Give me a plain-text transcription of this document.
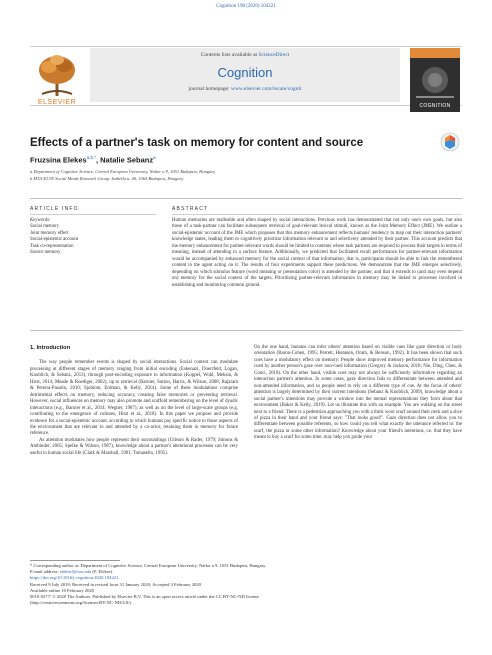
Cognition 198 (2020) 104221
ELSEVIER
Contents lists available at ScienceDirect
Cognition
journal homepage: www.elsevier.com/locate/cognit
COGNITION
Effects of a partner's task on memory for content and source
Fruzsina Elekes$^{a,b,*}$, Natalie Sebanz$^a$
a Department of Cognitive Science, Central European University, Nádor u 9, 1051 Budapest, Hungary
b MTA-ELTE Social Minds Research Group, Izabella u. 46, 1064 Budapest, Hungary
ARTICLE INFO	ABSTRACT
Keywords:
Social memory
Joint memory effect
Social-epistemic account
Task co-representation
Source memory
Human memories are malleable and often shaped by social interactions. Previous work has demonstrated that not only one's own goals, but also those of a task-partner can facilitate subsequent retrieval of goal-relevant lexical stimuli, known as the Joint Memory Effect (JME). We outline a social-epistemic account of the JME which proposes that this memory enhancement reflects humans' tendency to map out their interaction partners' knowledge states, leading them to cognitively prioritize information relevant to and selectively attended by their partner. This account predicts that the memory enhancement for partner-relevant words should be limited to contents where task partners are required to process their targets in terms of meaning, instead of attending to a surface feature. Additionally, we predicted that facilitated recall performance for partner-relevant information would be accompanied by enhanced memory for the social context of that information, that is, participants should be able to link the remembered content to the agent acting on it. The results of four experiments support these predictions. We demonstrate that the JME emerges selectively, depending on which stimulus feature (word meaning or presentation color) is attended by the partner, and that it extends to (and may even depend on) memory for the social context of the targets. Prioritizing partner-relevant information in memory may be linked to processes involved in establishing and monitoring common ground.
1. Introduction

The way people remember events is shaped by social interactions. Social context can modulate processing at different stages of memory ranging from initial encoding (Eskenazi, Doerrfeld, Logan, Knoblich, & Sebanz, 2013), through post-encoding exposure to information (Koppel, Wohl, Meksin, & Hirst, 2014; Meade & Roediger, 2002), up to retrieval (Barnier, Sutton, Harris, & Wilson, 2008; Rajaram & Pereira-Pasarin, 2010; Sjoblom, Erdman, & Kelly, 2014). Some of these modulations comprise detrimental effects on memory, reducing accuracy, creating false memories or preventing retrieval. However, social influences on memory may also promote and scaffold remembering on the level of dyadic interactions (e.g., Barnier et al., 2014; Wegner, 1987), as well as on the level of large-scale groups (e.g. contributing to the emergence of cultures, Hirst et al., 2018). In this paper we propose and provide evidence for a social-epistemic account, according to which humans pay specific notice to those aspects of the environment that are relevant to and attended by a co-actor, retaining them in memory for future reference.

As attention modulates how people represent their surroundings (Gibson & Rader, 1979; Simons & Ambinder, 2005; Spelke & Wilson, 1987), knowledge about a partner's attentional processes can be very useful in human social life (Clark & Marshall, 1981; Tomasello, 1995).

On the one hand, humans can infer others' attention based on visible cues like gaze direction or body orientation (Baron-Cohen, 1995; Perrett, Hietanen, Oram, & Benson, 1992). It has been shown that such cues have a modulatory effect on memory: People show improved memory performance for information cued by another person's gaze over non-cued information (Gregory & Jackson, 2018; Nie, Ding, Chen, & Conci, 2018). On the other hand, visible cues may not always be sufficiently informative regarding an interaction partner's attention. In some cases, gaze direction fails to differentiate between attended and non-attended information, and so people need to rely on a different type of cue. At the focus of others' attention is largely determined by their current intentions (Sebanz & Knoblich, 2009), knowledge about a social partner's intentions may provide a window into the mental representations they form about that environment (Baker & Kelly, 2019). Let us illustrate this with an example. You are walking on the street next to a friend. There is a pedestrian approaching you with a thick wool scarf around their neck and a slice of pizza in their hand and your friend says: "That looks good!". Gaze direction does not allow you to differentiate between possible referents, so how could you tell what exactly the utterance referred to: the scarf, the pizza or some other information? Knowledge about your friend's intentions, i.e. that they have meant to buy a scarf for some time, may help you guide your

* Corresponding author at: Department of Cognitive Science, Central European University, Nádor u 9, 1051 Budapest, Hungary.
E-mail address: elekesf@ceu.edu (F. Elekes).
https://doi.org/10.1016/j.cognition.2020.104221
Received 9 July 2019; Received in revised form 31 January 2020; Accepted 3 February 2020
Available online 10 February 2020
0010-0277/ © 2020 The Authors. Published by Elsevier B.V. This is an open access article under the CC BY-NC-ND license
(http://creativecommons.org/licenses/BY-NC-ND/4.0/).
